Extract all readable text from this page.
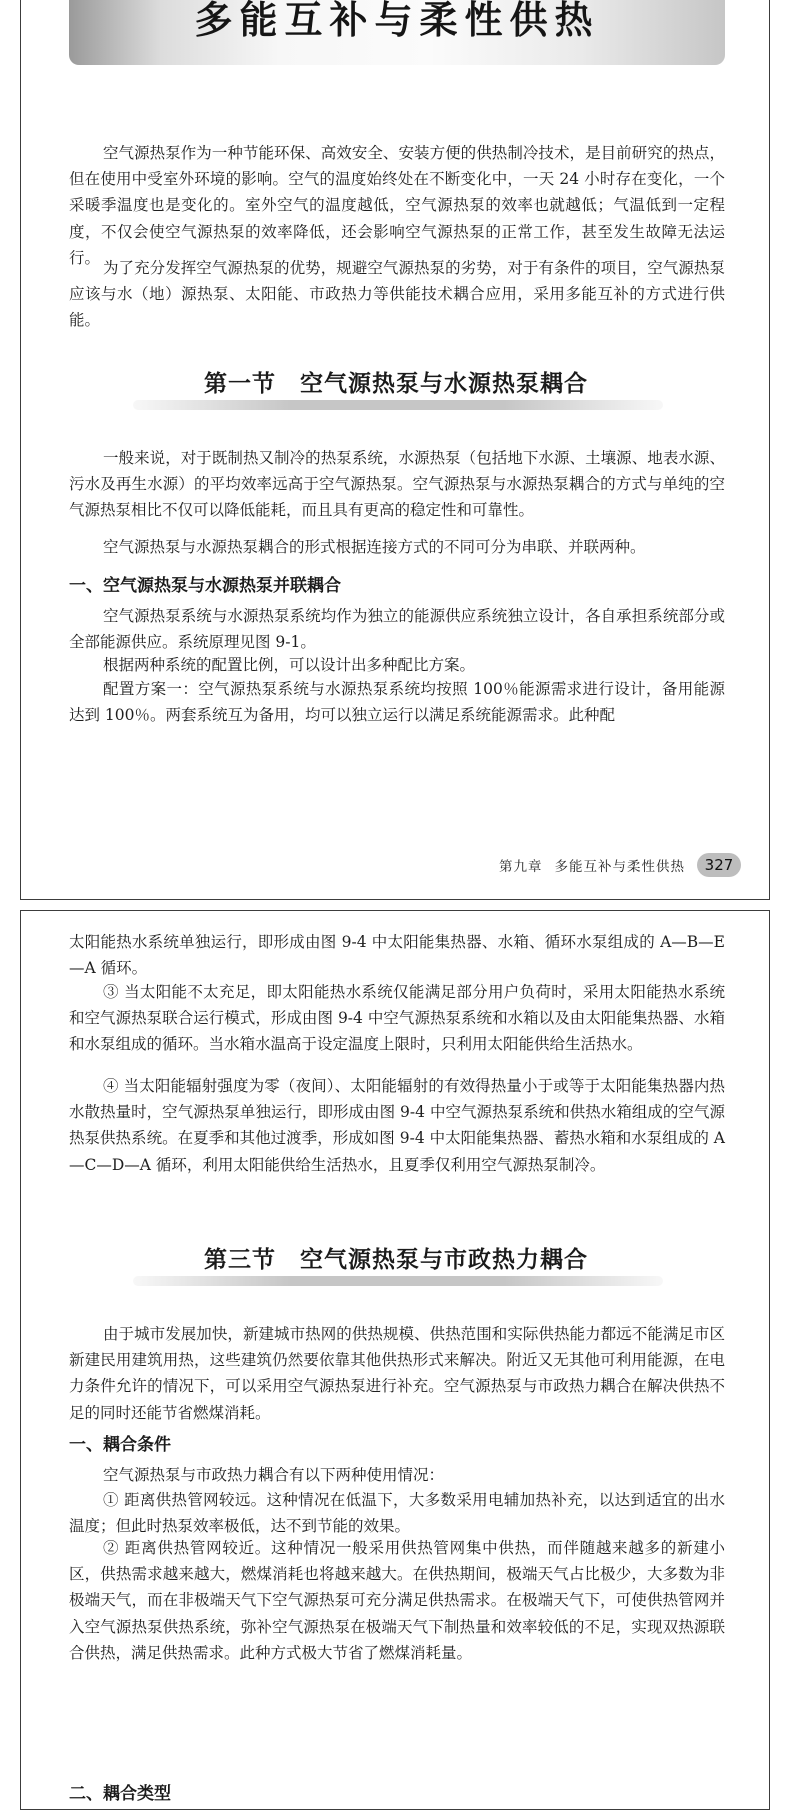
多能互补与柔性供热

空气源热泵作为一种节能环保、高效安全、安装方便的供热制冷技术，是目前研究的热点，但在使用中受室外环境的影响。空气的温度始终处在不断变化中，一天 24 小时存在变化，一个采暖季温度也是变化的。室外空气的温度越低，空气源热泵的效率也就越低；气温低到一定程度，不仅会使空气源热泵的效率降低，还会影响空气源热泵的正常工作，甚至发生故障无法运行。

为了充分发挥空气源热泵的优势，规避空气源热泵的劣势，对于有条件的项目，空气源热泵应该与水（地）源热泵、太阳能、市政热力等供能技术耦合应用，采用多能互补的方式进行供能。

第一节 空气源热泵与水源热泵耦合

一般来说，对于既制热又制冷的热泵系统，水源热泵（包括地下水源、土壤源、地表水源、污水及再生水源）的平均效率远高于空气源热泵。空气源热泵与水源热泵耦合的方式与单纯的空气源热泵相比不仅可以降低能耗，而且具有更高的稳定性和可靠性。

空气源热泵与水源热泵耦合的形式根据连接方式的不同可分为串联、并联两种。

一、空气源热泵与水源热泵并联耦合

空气源热泵系统与水源热泵系统均作为独立的能源供应系统独立设计，各自承担系统部分或全部能源供应。系统原理见图 9-1。

根据两种系统的配置比例，可以设计出多种配比方案。

配置方案一：空气源热泵系统与水源热泵系统均按照 100％能源需求进行设计，备用能源达到 100％。两套系统互为备用，均可以独立运行以满足系统能源需求。此种配

第九章 多能互补与柔性供热	327

太阳能热水系统单独运行，即形成由图 9-4 中太阳能集热器、水箱、循环水泵组成的 A—B—E—A 循环。

③ 当太阳能不太充足，即太阳能热水系统仅能满足部分用户负荷时，采用太阳能热水系统和空气源热泵联合运行模式，形成由图 9-4 中空气源热泵系统和水箱以及由太阳能集热器、水箱和水泵组成的循环。当水箱水温高于设定温度上限时，只利用太阳能供给生活热水。

④ 当太阳能辐射强度为零（夜间）、太阳能辐射的有效得热量小于或等于太阳能集热器内热水散热量时，空气源热泵单独运行，即形成由图 9-4 中空气源热泵系统和供热水箱组成的空气源热泵供热系统。在夏季和其他过渡季，形成如图 9-4 中太阳能集热器、蓄热水箱和水泵组成的 A—C—D—A 循环，利用太阳能供给生活热水，且夏季仅利用空气源热泵制冷。

第三节 空气源热泵与市政热力耦合

由于城市发展加快，新建城市热网的供热规模、供热范围和实际供热能力都远不能满足市区新建民用建筑用热，这些建筑仍然要依靠其他供热形式来解决。附近又无其他可利用能源，在电力条件允许的情况下，可以采用空气源热泵进行补充。空气源热泵与市政热力耦合在解决供热不足的同时还能节省燃煤消耗。

一、耦合条件

空气源热泵与市政热力耦合有以下两种使用情况：

① 距离供热管网较远。这种情况在低温下，大多数采用电辅加热补充，以达到适宜的出水温度；但此时热泵效率极低，达不到节能的效果。

② 距离供热管网较近。这种情况一般采用供热管网集中供热，而伴随越来越多的新建小区，供热需求越来越大，燃煤消耗也将越来越大。在供热期间，极端天气占比极少，大多数为非极端天气，而在非极端天气下空气源热泵可充分满足供热需求。在极端天气下，可使供热管网并入空气源热泵供热系统，弥补空气源热泵在极端天气下制热量和效率较低的不足，实现双热源联合供热，满足供热需求。此种方式极大节省了燃煤消耗量。

二、耦合类型
